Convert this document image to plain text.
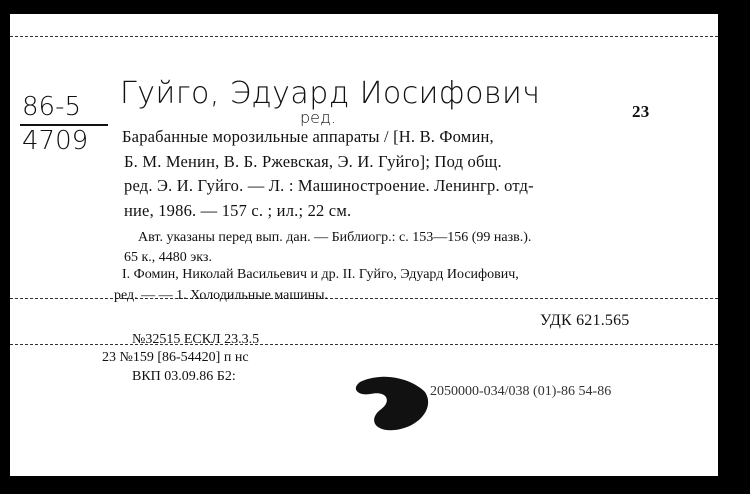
86-5
4709
Гуйго, Эдуард Иосифович
ред.	23
Барабанные морозильные аппараты / [Н. В. Фомин,
Б. М. Менин, В. Б. Ржевская, Э. И. Гуйго]; Под общ.
ред. Э. И. Гуйго. — Л. : Машиностроение. Ленингр. отд-
ние, 1986. — 157 с. ; ил.; 22 см.
Авт. указаны перед вып. дан. — Библиогр.: с. 153—156 (99 назв.).
65 к., 4480 экз.
I. Фомин, Николай Васильевич и др. II. Гуйго, Эдуард Иосифович,
ред. — — 1. Холодильные машины.
УДК 621.565
№32515 ЕСКЛ 23.3.5
23 №159 [86-54420] п нс
ВКП 03.09.86 Б2:
2050000-034/038 (01)-86 54-86
